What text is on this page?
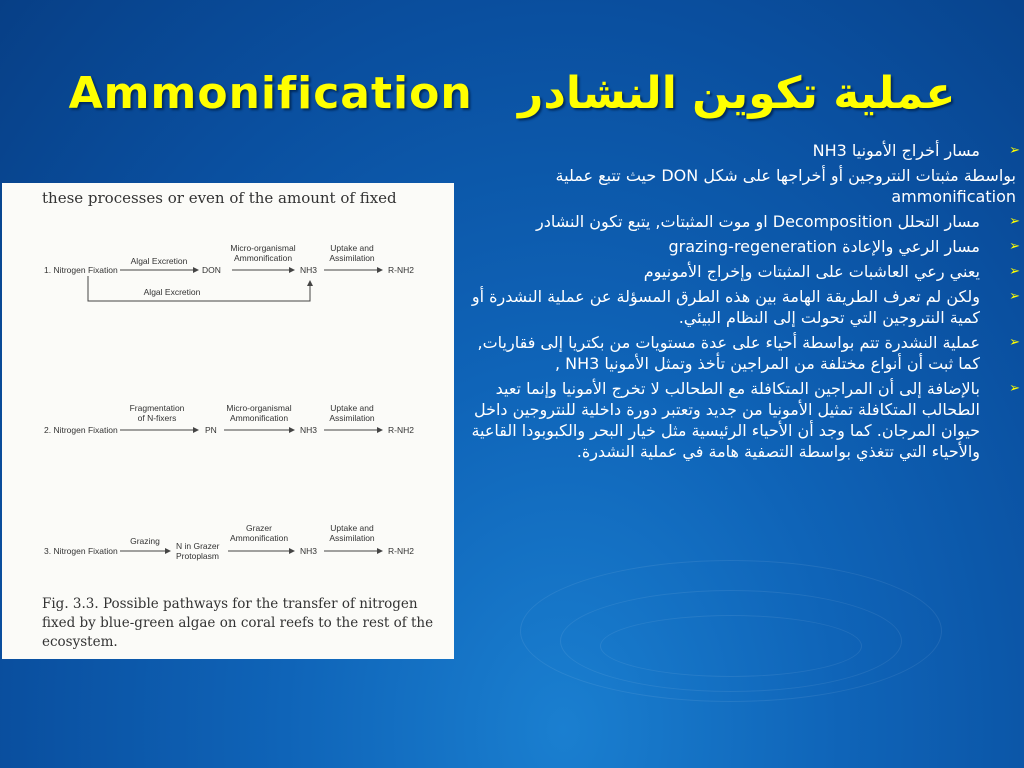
Ammonification عملية تكوين النشادر
these processes or even of the amount of fixed
1. Nitrogen Fixation
Algal Excretion
DON
Micro-organismal
Ammonification
NH3
Uptake and
Assimilation
R-NH2
Algal Excretion
2. Nitrogen Fixation
Fragmentation
of N-fixers
PN
Micro-organismal
Ammonification
NH3
Uptake and
Assimilation
R-NH2
3. Nitrogen Fixation
Grazing	N in Grazer
Protoplasm
Grazer
Ammonification
NH3
Uptake and
Assimilation
R-NH2
Fig. 3.3. Possible pathways for the transfer of nitrogen fixed by blue-green algae on coral reefs to the rest of the ecosystem.
➢
مسار أخراج الأمونيا NH3
بواسطة مثبتات النتروجين أو أخراجها على شكل DON حيث تتبع عملية ammonification
➢
مسار التحلل Decomposition او موت المثبتات, يتبع تكون النشادر
➢
مسار الرعي والإعادة grazing-regeneration
➢
يعني رعي العاشبات على المثبتات وإخراج الأمونيوم
➢
ولكن لم تعرف الطريقة الهامة بين هذه الطرق المسؤلة عن عملية النشدرة أو كمية النتروجين التي تحولت إلى النظام البيئي.
➢
عملية النشدرة تتم بواسطة أحياء على عدة مستويات من بكتريا إلى فقاريات, كما ثبت أن أنواع مختلفة من المراجين تأخذ وتمثل الأمونيا NH3 ,
➢
بالإضافة إلى أن المراجين المتكافلة مع الطحالب لا تخرج الأمونيا وإنما تعيد الطحالب المتكافلة تمثيل الأمونيا من جديد وتعتبر دورة داخلية للنتروجين داخل حيوان المرجان. كما وجد أن الأحياء الرئيسية مثل خيار البحر والكبوبودا القاعية والأحياء التي تتغذي بواسطة التصفية هامة في عملية النشدرة.
